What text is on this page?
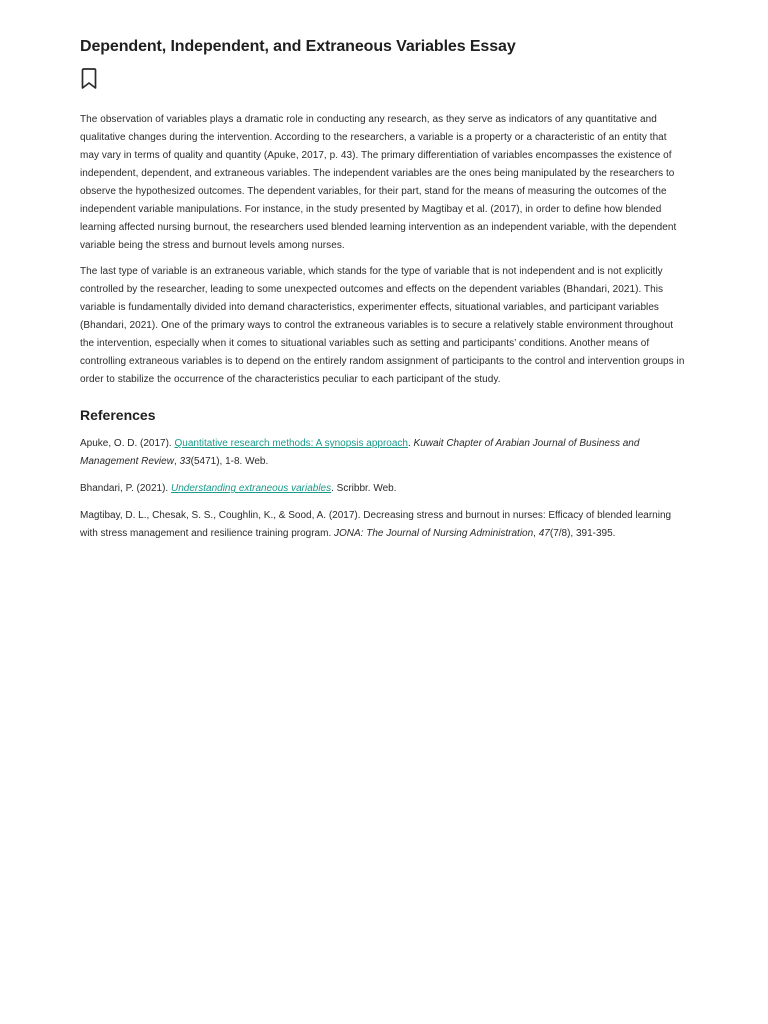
Dependent, Independent, and Extraneous Variables Essay

The observation of variables plays a dramatic role in conducting any research, as they serve as indicators of any quantitative and qualitative changes during the intervention. According to the researchers, a variable is a property or a characteristic of an entity that may vary in terms of quality and quantity (Apuke, 2017, p. 43). The primary differentiation of variables encompasses the existence of independent, dependent, and extraneous variables. The independent variables are the ones being manipulated by the researchers to observe the hypothesized outcomes. The dependent variables, for their part, stand for the means of measuring the outcomes of the independent variable manipulations. For instance, in the study presented by Magtibay et al. (2017), in order to define how blended learning affected nursing burnout, the researchers used blended learning intervention as an independent variable, with the dependent variable being the stress and burnout levels among nurses.

The last type of variable is an extraneous variable, which stands for the type of variable that is not independent and is not explicitly controlled by the researcher, leading to some unexpected outcomes and effects on the dependent variables (Bhandari, 2021). This variable is fundamentally divided into demand characteristics, experimenter effects, situational variables, and participant variables (Bhandari, 2021). One of the primary ways to control the extraneous variables is to secure a relatively stable environment throughout the intervention, especially when it comes to situational variables such as setting and participants’ conditions. Another means of controlling extraneous variables is to depend on the entirely random assignment of participants to the control and intervention groups in order to stabilize the occurrence of the characteristics peculiar to each participant of the study.

References

Apuke, O. D. (2017). Quantitative research methods: A synopsis approach. Kuwait Chapter of Arabian Journal of Business and Management Review, 33(5471), 1-8. Web.

Bhandari, P. (2021). Understanding extraneous variables. Scribbr. Web.

Magtibay, D. L., Chesak, S. S., Coughlin, K., & Sood, A. (2017). Decreasing stress and burnout in nurses: Efficacy of blended learning with stress management and resilience training program. JONA: The Journal of Nursing Administration, 47(7/8), 391-395.
